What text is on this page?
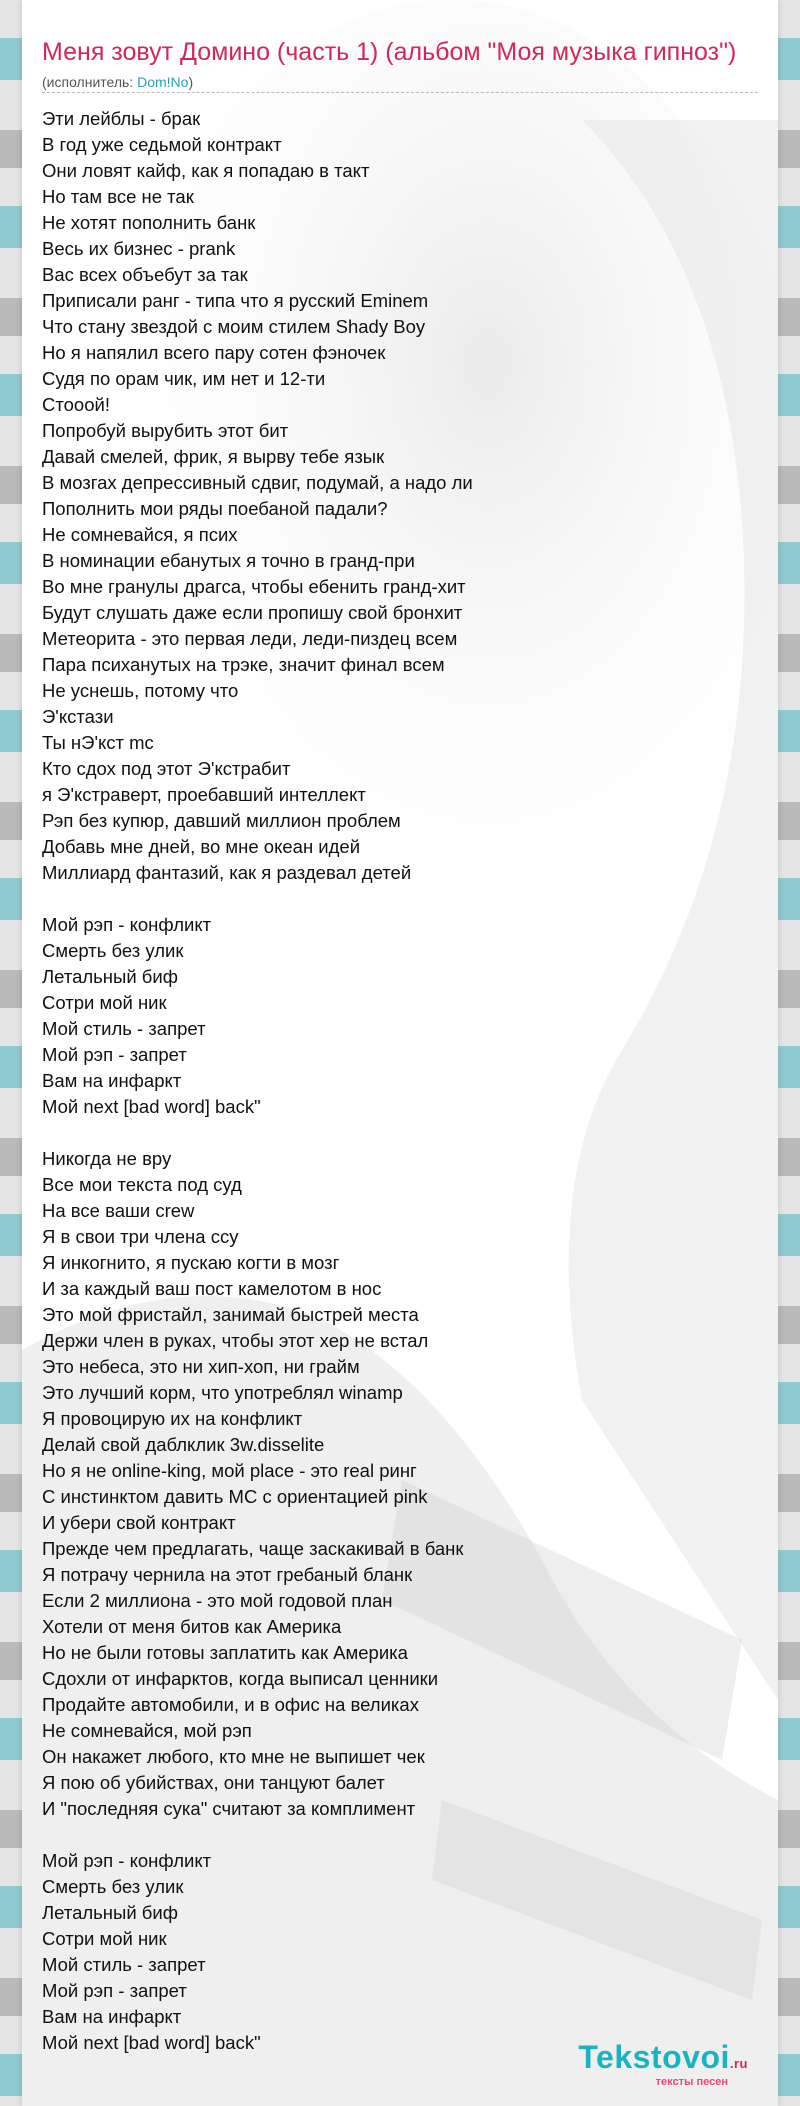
Меня зовут Домино (часть 1) (альбом "Моя музыка гипноз")
(исполнитель: Dom!No)
Эти лейблы - брак
В год уже седьмой контракт
Они ловят кайф, как я попадаю в такт
Но там все не так
Не хотят пополнить банк
Весь их бизнес - prank
Вас всех объебут за так
Приписали ранг - типа что я русский Eminem
Что стану звездой с моим стилем Shady Boy
Но я напялил всего пару сотен фэночек
Судя по орам чик, им нет и 12-ти
Стооой!
Попробуй вырубить этот бит
Давай смелей, фрик, я вырву тебе язык
В мозгах депрессивный сдвиг, подумай, а надо ли
Пополнить мои ряды поебаной падали?
Не сомневайся, я псих
В номинации ебанутых я точно в гранд-при
Во мне гранулы драгса, чтобы ебенить гранд-хит
Будут слушать даже если пропишу свой бронхит
Метеорита - это первая леди, леди-пиздец всем
Пара психанутых на трэке, значит финал всем
Не уснешь, потому что
Э'кстази
Ты нЭ'кст mc
Кто сдох под этот Э'кстрабит
я Э'кстраверт, проебавший интеллект
Рэп без купюр, давший миллион проблем
Добавь мне дней, во мне океан идей
Миллиард фантазий, как я раздевал детей

Мой рэп - конфликт
Смерть без улик
Летальный биф
Сотри мой ник
Мой стиль - запрет
Мой рэп - запрет
Вам на инфаркт
Мой next [bad word] back"

Никогда не вру
Все мои текста под суд
На все ваши crew
Я в свои три члена ссу
Я инкогнито, я пускаю когти в мозг
И за каждый ваш пост камелотом в нос
Это мой фристайл, занимай быстрей места
Держи член в руках, чтобы этот хер не встал
Это небеса, это ни хип-хоп, ни грайм
Это лучший корм, что употреблял winamp
Я провоцирую их на конфликт
Делай свой даблклик 3w.disselite
Но я не online-king, мой place - это real ринг
С инстинктом давить МС с ориентацией pink
И убери свой контракт
Прежде чем предлагать, чаще заскакивай в банк
Я потрачу чернила на этот гребаный бланк
Если 2 миллиона - это мой годовой план
Хотели от меня битов как Америка
Но не были готовы заплатить как Америка
Сдохли от инфарктов, когда выписал ценники
Продайте автомобили, и в офис на великах
Не сомневайся, мой рэп
Он накажет любого, кто мне не выпишет чек
Я пою об убийствах, они танцуют балет
И "последняя сука" считают за комплимент

Мой рэп - конфликт
Смерть без улик
Летальный биф
Сотри мой ник
Мой стиль - запрет
Мой рэп - запрет
Вам на инфаркт
Мой next [bad word] back"	Tekstovoi.ru
тексты песен
